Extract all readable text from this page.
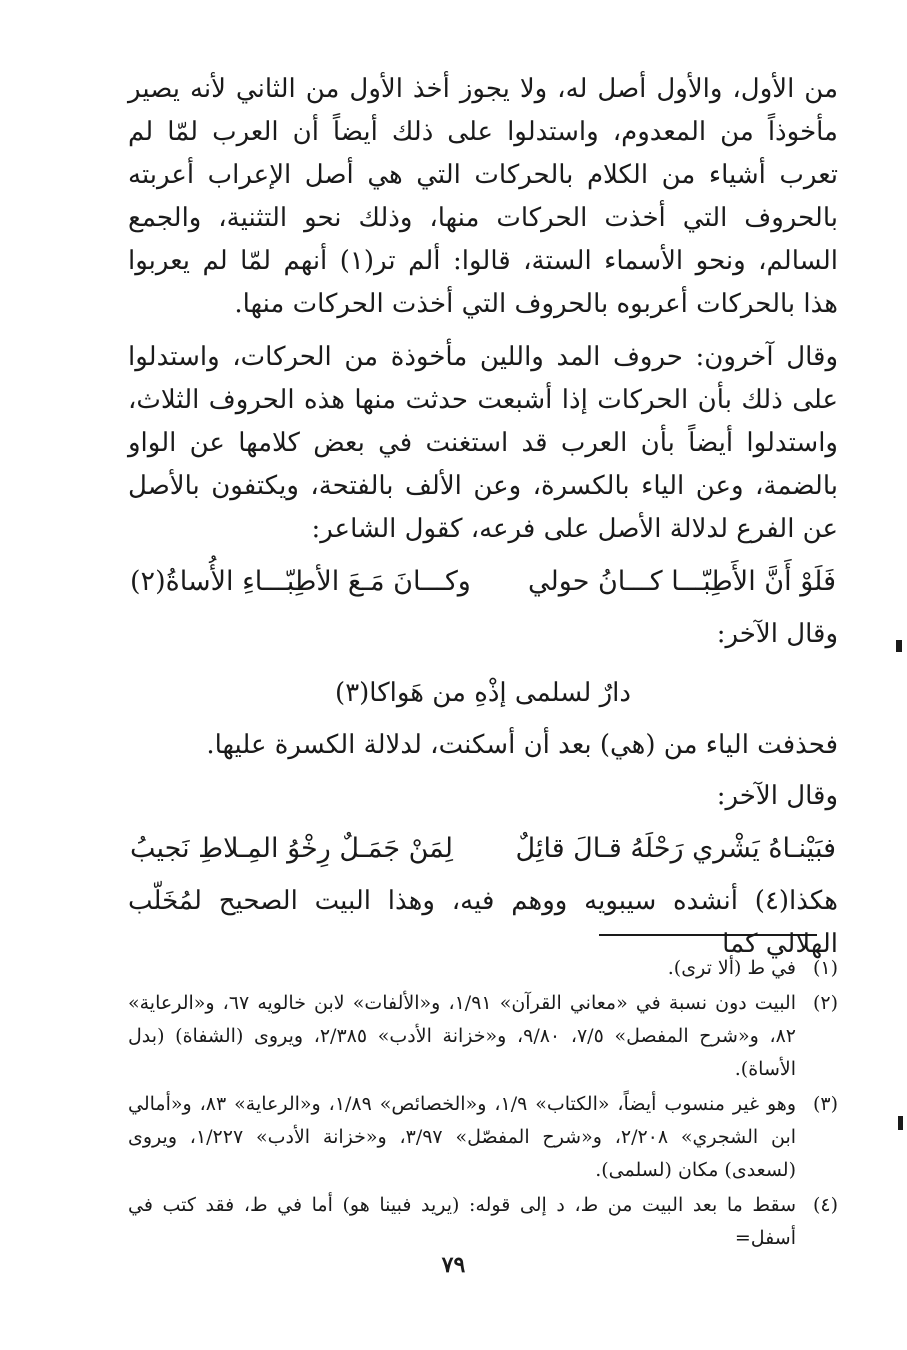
من الأول، والأول أصل له، ولا يجوز أخذ الأول من الثاني لأنه يصير مأخوذاً من المعدوم، واستدلوا على ذلك أيضاً أن العرب لمّا لم تعرب أشياء من الكلام بالحركات التي هي أصل الإعراب أعربته بالحروف التي أخذت الحركات منها، وذلك نحو التثنية، والجمع السالم، ونحو الأسماء الستة، قالوا: ألم تر(١) أنهم لمّا لم يعربوا هذا بالحركات أعربوه بالحروف التي أخذت الحركات منها.

وقال آخرون: حروف المد واللين مأخوذة من الحركات، واستدلوا على ذلك بأن الحركات إذا أشبعت حدثت منها هذه الحروف الثلاث، واستدلوا أيضاً بأن العرب قد استغنت في بعض كلامها عن الواو بالضمة، وعن الياء بالكسرة، وعن الألف بالفتحة، ويكتفون بالأصل عن الفرع لدلالة الأصل على فرعه، كقول الشاعر:

فَلَوْ أَنَّ الأَطِبّـــا كـــانُ حولي
وكـــانَ مَـعَ الأطِبّـــاءِ الأُساةُ(٢)

وقال الآخر:

دارٌ لسلمى إذْهِ من هَواكا(٣)

فحذفت الياء من (هي) بعد أن أسكنت، لدلالة الكسرة عليها.

وقال الآخر:

فبَيْنـاهُ يَشْري رَحْلَهُ قـالَ قائِلٌ
لِمَنْ جَمَـلٌ رِخْوُ المِـلاطِ نَجيبُ

هكذا(٤) أنشده سيبويه ووهم فيه، وهذا البيت الصحيح لمُخَلّب الهلالي كما

(١)
في ط (ألا ترى).
(٢)
البيت دون نسبة في «معاني القرآن» ١/٩١، و«الألفات» لابن خالويه ٦٧، و«الرعاية» ٨٢، و«شرح المفصل» ٧/٥، ٩/٨٠، و«خزانة الأدب» ٢/٣٨٥، ويروى (الشفاة) (بدل الأساة).
(٣)
وهو غير منسوب أيضاً، «الكتاب» ١/٩، و«الخصائص» ١/٨٩، و«الرعاية» ٨٣، و«أمالي ابن الشجري» ٢/٢٠٨، و«شرح المفصّل» ٣/٩٧، و«خزانة الأدب» ١/٢٢٧، ويروى (لسعدى) مكان (لسلمى).
(٤)
سقط ما بعد البيت من ط، د إلى قوله: (يريد فبينا هو) أما في ط، فقد كتب في أسفل=
٧٩
